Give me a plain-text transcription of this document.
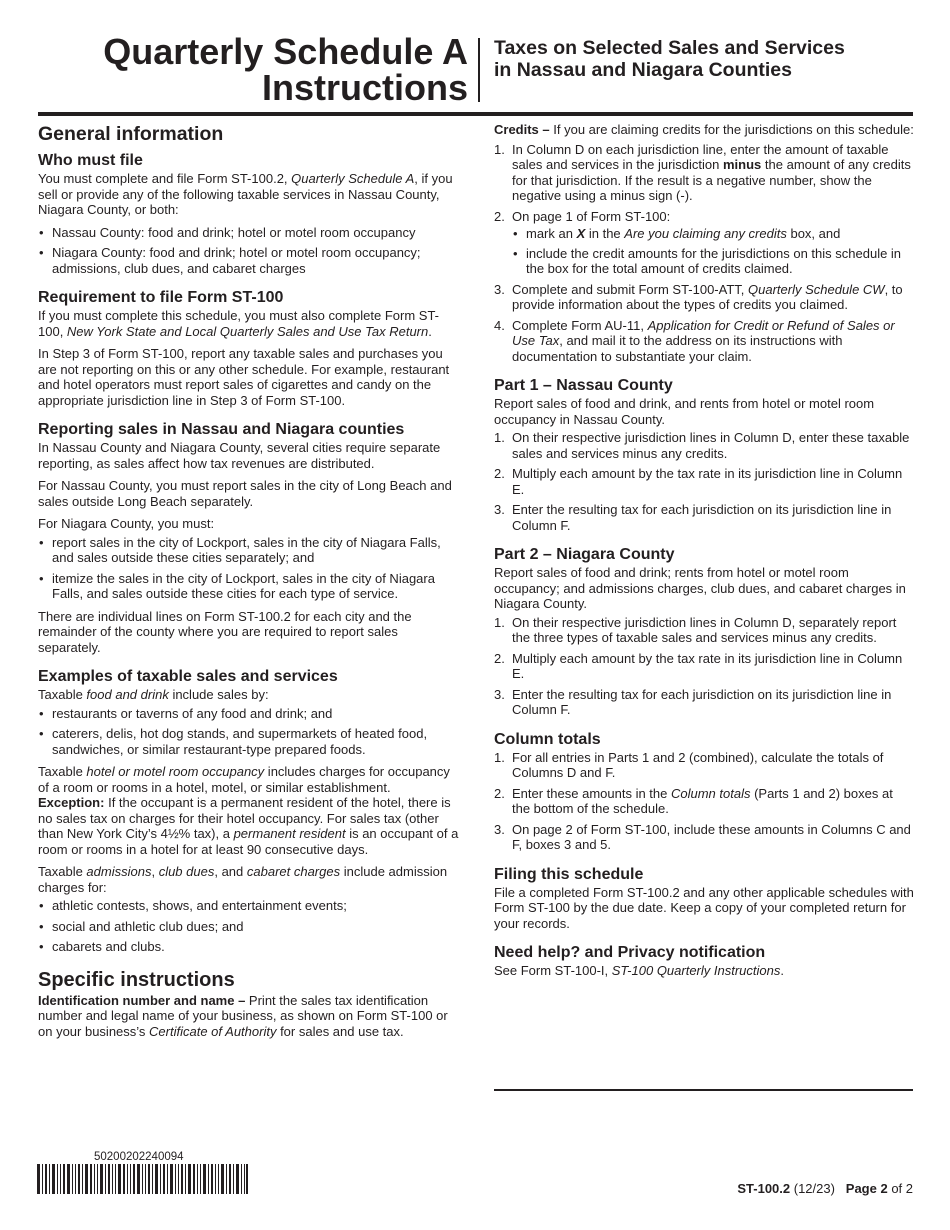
Quarterly Schedule A
Instructions
Taxes on Selected Sales and Services
in Nassau and Niagara Counties
General information
Who must file

You must complete and file Form ST-100.2, Quarterly Schedule A, if you sell or provide any of the following taxable services in Nassau County, Niagara County, or both:

• Nassau County: food and drink; hotel or motel room occupancy
• Niagara County: food and drink; hotel or motel room occupancy; admissions, club dues, and cabaret charges
Requirement to file Form ST-100

If you must complete this schedule, you must also complete Form ST-100, New York State and Local Quarterly Sales and Use Tax Return.

In Step 3 of Form ST-100, report any taxable sales and purchases you are not reporting on this or any other schedule. For example, restaurant and hotel operators must report sales of cigarettes and candy on the appropriate jurisdiction line in Step 3 of Form ST-100.

Reporting sales in Nassau and Niagara counties

In Nassau County and Niagara County, several cities require separate reporting, as sales affect how tax revenues are distributed.

For Nassau County, you must report sales in the city of Long Beach and sales outside Long Beach separately.

For Niagara County, you must:

• report sales in the city of Lockport, sales in the city of Niagara Falls, and sales outside these cities separately; and
• itemize the sales in the city of Lockport, sales in the city of Niagara Falls, and sales outside these cities for each type of service.

There are individual lines on Form ST-100.2 for each city and the remainder of the county where you are required to report sales separately.

Examples of taxable sales and services

Taxable food and drink include sales by:

• restaurants or taverns of any food and drink; and
• caterers, delis, hot dog stands, and supermarkets of heated food, sandwiches, or similar restaurant-type prepared foods.

Taxable hotel or motel room occupancy includes charges for occupancy of a room or rooms in a hotel, motel, or similar establishment. Exception: If the occupant is a permanent resident of the hotel, there is no sales tax on charges for their hotel occupancy. For sales tax (other than New York City’s 4½% tax), a permanent resident is an occupant of a room or rooms in a hotel for at least 90 consecutive days.

Taxable admissions, club dues, and cabaret charges include admission charges for:

• athletic contests, shows, and entertainment events;
• social and athletic club dues; and
• cabarets and clubs.
Specific instructions

Identification number and name – Print the sales tax identification number and legal name of your business, as shown on Form ST-100 or on your business’s Certificate of Authority for sales and use tax.

Credits – If you are claiming credits for the jurisdictions on this schedule:

1. In Column D on each jurisdiction line, enter the amount of taxable sales and services in the jurisdiction minus the amount of any credits for that jurisdiction. If the result is a negative number, show the negative using a minus sign (-).
2. On page 1 of Form ST-100:
• mark an X in the Are you claiming any credits box, and
• include the credit amounts for the jurisdictions on this schedule in the box for the total amount of credits claimed.
3. Complete and submit Form ST-100-ATT, Quarterly Schedule CW, to provide information about the types of credits you claimed.
4. Complete Form AU-11, Application for Credit or Refund of Sales or Use Tax, and mail it to the address on its instructions with documentation to substantiate your claim.
Part 1 – Nassau County

Report sales of food and drink, and rents from hotel or motel room occupancy in Nassau County.

1. On their respective jurisdiction lines in Column D, enter these taxable sales and services minus any credits.
2. Multiply each amount by the tax rate in its jurisdiction line in Column E.
3. Enter the resulting tax for each jurisdiction on its jurisdiction line in Column F.
Part 2 – Niagara County

Report sales of food and drink; rents from hotel or motel room occupancy; and admissions charges, club dues, and cabaret charges in Niagara County.

1. On their respective jurisdiction lines in Column D, separately report the three types of taxable sales and services minus any credits.
2. Multiply each amount by the tax rate in its jurisdiction line in Column E.
3. Enter the resulting tax for each jurisdiction on its jurisdiction line in Column F.
Column totals
1. For all entries in Parts 1 and 2 (combined), calculate the totals of Columns D and F.
2. Enter these amounts in the Column totals (Parts 1 and 2) boxes at the bottom of the schedule.
3. On page 2 of Form ST-100, include these amounts in Columns C and F, boxes 3 and 5.
Filing this schedule

File a completed Form ST-100.2 and any other applicable schedules with Form ST-100 by the due date. Keep a copy of your completed return for your records.

Need help? and Privacy notification

See Form ST-100-I, ST-100 Quarterly Instructions.

50200202240094
ST-100.2 (12/23) Page 2 of 2
